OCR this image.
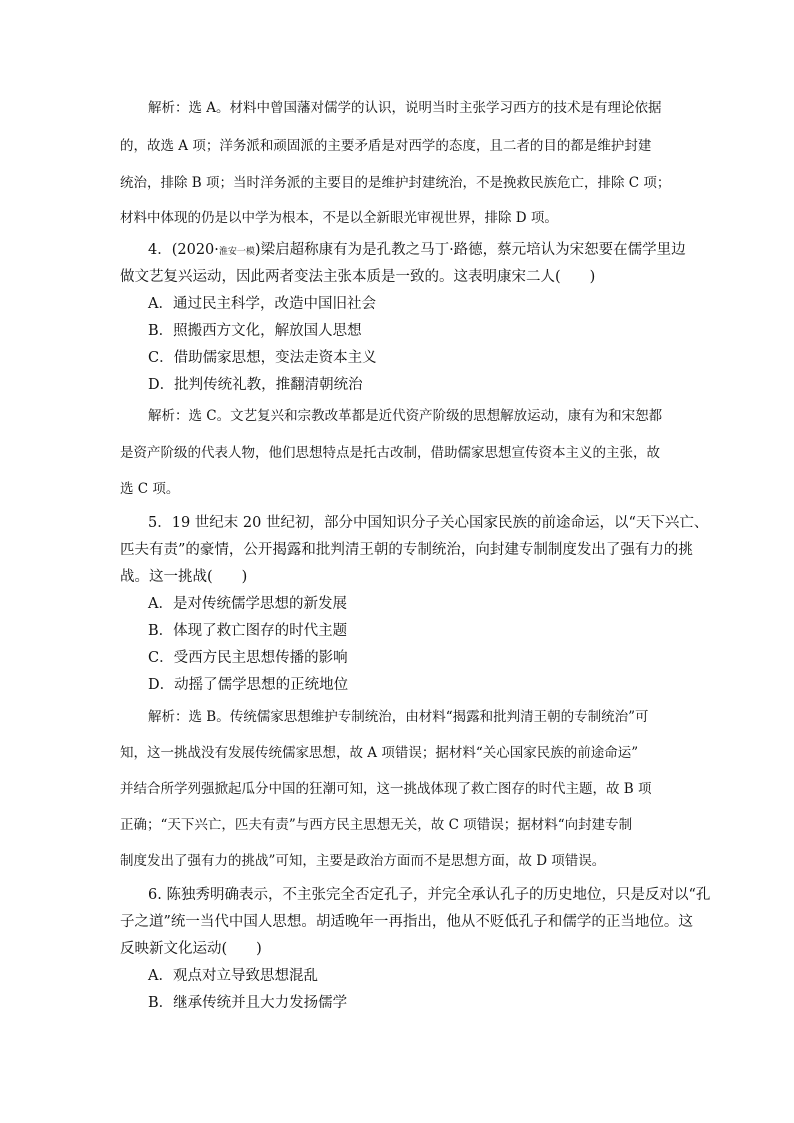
解析：选 A。材料中曾国藩对儒学的认识，说明当时主张学习西方的技术是有理论依据
的，故选 A 项；洋务派和顽固派的主要矛盾是对西学的态度，且二者的目的都是维护封建
统治，排除 B 项；当时洋务派的主要目的是维护封建统治，不是挽救民族危亡，排除 C 项；
材料中体现的仍是以中学为根本，不是以全新眼光审视世界，排除 D 项。
4．(2020·淮安一模)梁启超称康有为是孔教之马丁·路德，蔡元培认为宋恕要在儒学里边
做文艺复兴运动，因此两者变法主张本质是一致的。这表明康宋二人(　　)
A．通过民主科学，改造中国旧社会
B．照搬西方文化，解放国人思想
C．借助儒家思想，变法走资本主义
D．批判传统礼教，推翻清朝统治
解析：选 C。文艺复兴和宗教改革都是近代资产阶级的思想解放运动，康有为和宋恕都
是资产阶级的代表人物，他们思想特点是托古改制，借助儒家思想宣传资本主义的主张，故
选 C 项。
5．19 世纪末 20 世纪初，部分中国知识分子关心国家民族的前途命运，以“天下兴亡、
匹夫有责”的豪情，公开揭露和批判清王朝的专制统治，向封建专制制度发出了强有力的挑
战。这一挑战(　　)
A．是对传统儒学思想的新发展
B．体现了救亡图存的时代主题
C．受西方民主思想传播的影响
D．动摇了儒学思想的正统地位
解析：选 B。传统儒家思想维护专制统治，由材料“揭露和批判清王朝的专制统治”可
知，这一挑战没有发展传统儒家思想，故 A 项错误；据材料“关心国家民族的前途命运”
并结合所学列强掀起瓜分中国的狂潮可知，这一挑战体现了救亡图存的时代主题，故 B 项
正确；“天下兴亡，匹夫有责”与西方民主思想无关，故 C 项错误；据材料“向封建专制
制度发出了强有力的挑战”可知，主要是政治方面而不是思想方面，故 D 项错误。
6. 陈独秀明确表示，不主张完全否定孔子，并完全承认孔子的历史地位，只是反对以“孔
子之道”统一当代中国人思想。胡适晚年一再指出，他从不贬低孔子和儒学的正当地位。这
反映新文化运动(　　)
A．观点对立导致思想混乱
B．继承传统并且大力发扬儒学
